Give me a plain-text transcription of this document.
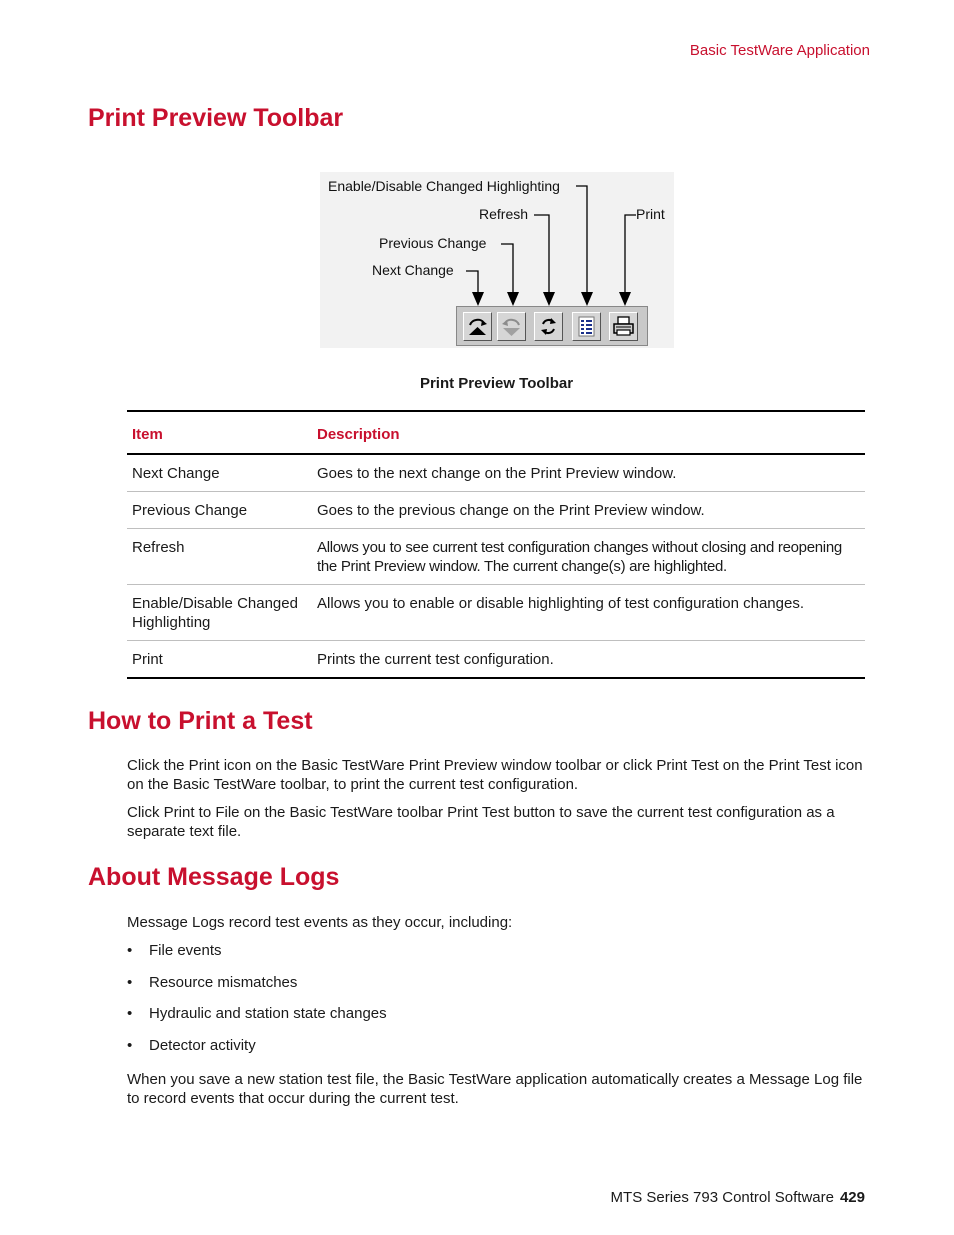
Basic TestWare Application
Print Preview Toolbar
Enable/Disable Changed Highlighting
Refresh	Print
Previous Change
Next Change
Print Preview Toolbar
Item	Description
Next Change	Goes to the next change on the Print Preview window.
Previous Change	Goes to the previous change on the Print Preview window.
Refresh	Allows you to see current test configuration changes without closing and reopening the Print Preview window. The current change(s) are highlighted.
Enable/Disable Changed Highlighting	Allows you to enable or disable highlighting of test configuration changes.
Print	Prints the current test configuration.
How to Print a Test

Click the Print icon on the Basic TestWare Print Preview window toolbar or click Print Test on the Print Test icon on the Basic TestWare toolbar, to print the current test configuration.

Click Print to File on the Basic TestWare toolbar Print Test button to save the current test configuration as a separate text file.

About Message Logs

Message Logs record test events as they occur, including:

• File events
• Resource mismatches
• Hydraulic and station state changes
• Detector activity

When you save a new station test file, the Basic TestWare application automatically creates a Message Log file to record events that occur during the current test.

MTS Series 793 Control Software 429
